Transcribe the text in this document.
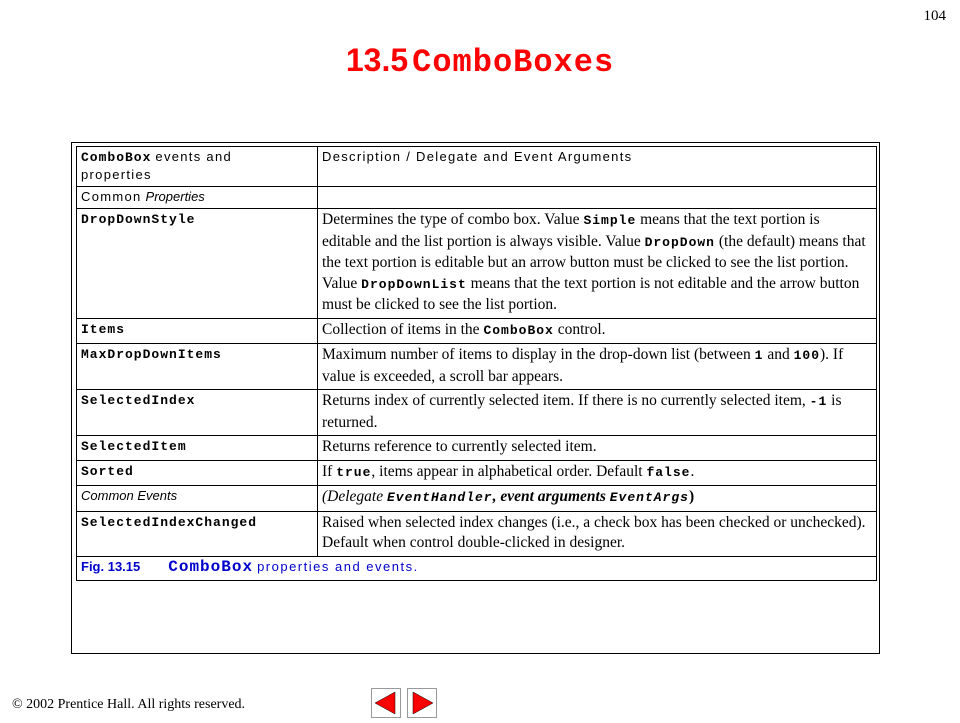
104
13.5 ComboBoxes
ComboBox events and
properties	Description / Delegate and Event Arguments
Common Properties	
DropDownStyle	Determines the type of combo box. Value Simple means that the text portion is editable and the list portion is always visible. Value DropDown (the default) means that the text portion is editable but an arrow button must be clicked to see the list portion. Value DropDownList means that the text portion is not editable and the arrow button must be clicked to see the list portion.
Items	Collection of items in the ComboBox control.
MaxDropDownItems	Maximum number of items to display in the drop-down list (between 1 and 100). If value is exceeded, a scroll bar appears.
SelectedIndex	Returns index of currently selected item. If there is no currently selected item, -1 is returned.
SelectedItem	Returns reference to currently selected item.
Sorted	If true, items appear in alphabetical order. Default false.
Common Events	(Delegate EventHandler, event arguments EventArgs)
SelectedIndexChanged	Raised when selected index changes (i.e., a check box has been checked or unchecked). Default when control double-clicked in designer.
Fig. 13.15 ComboBox properties and events.	
© 2002 Prentice Hall. All rights reserved.
